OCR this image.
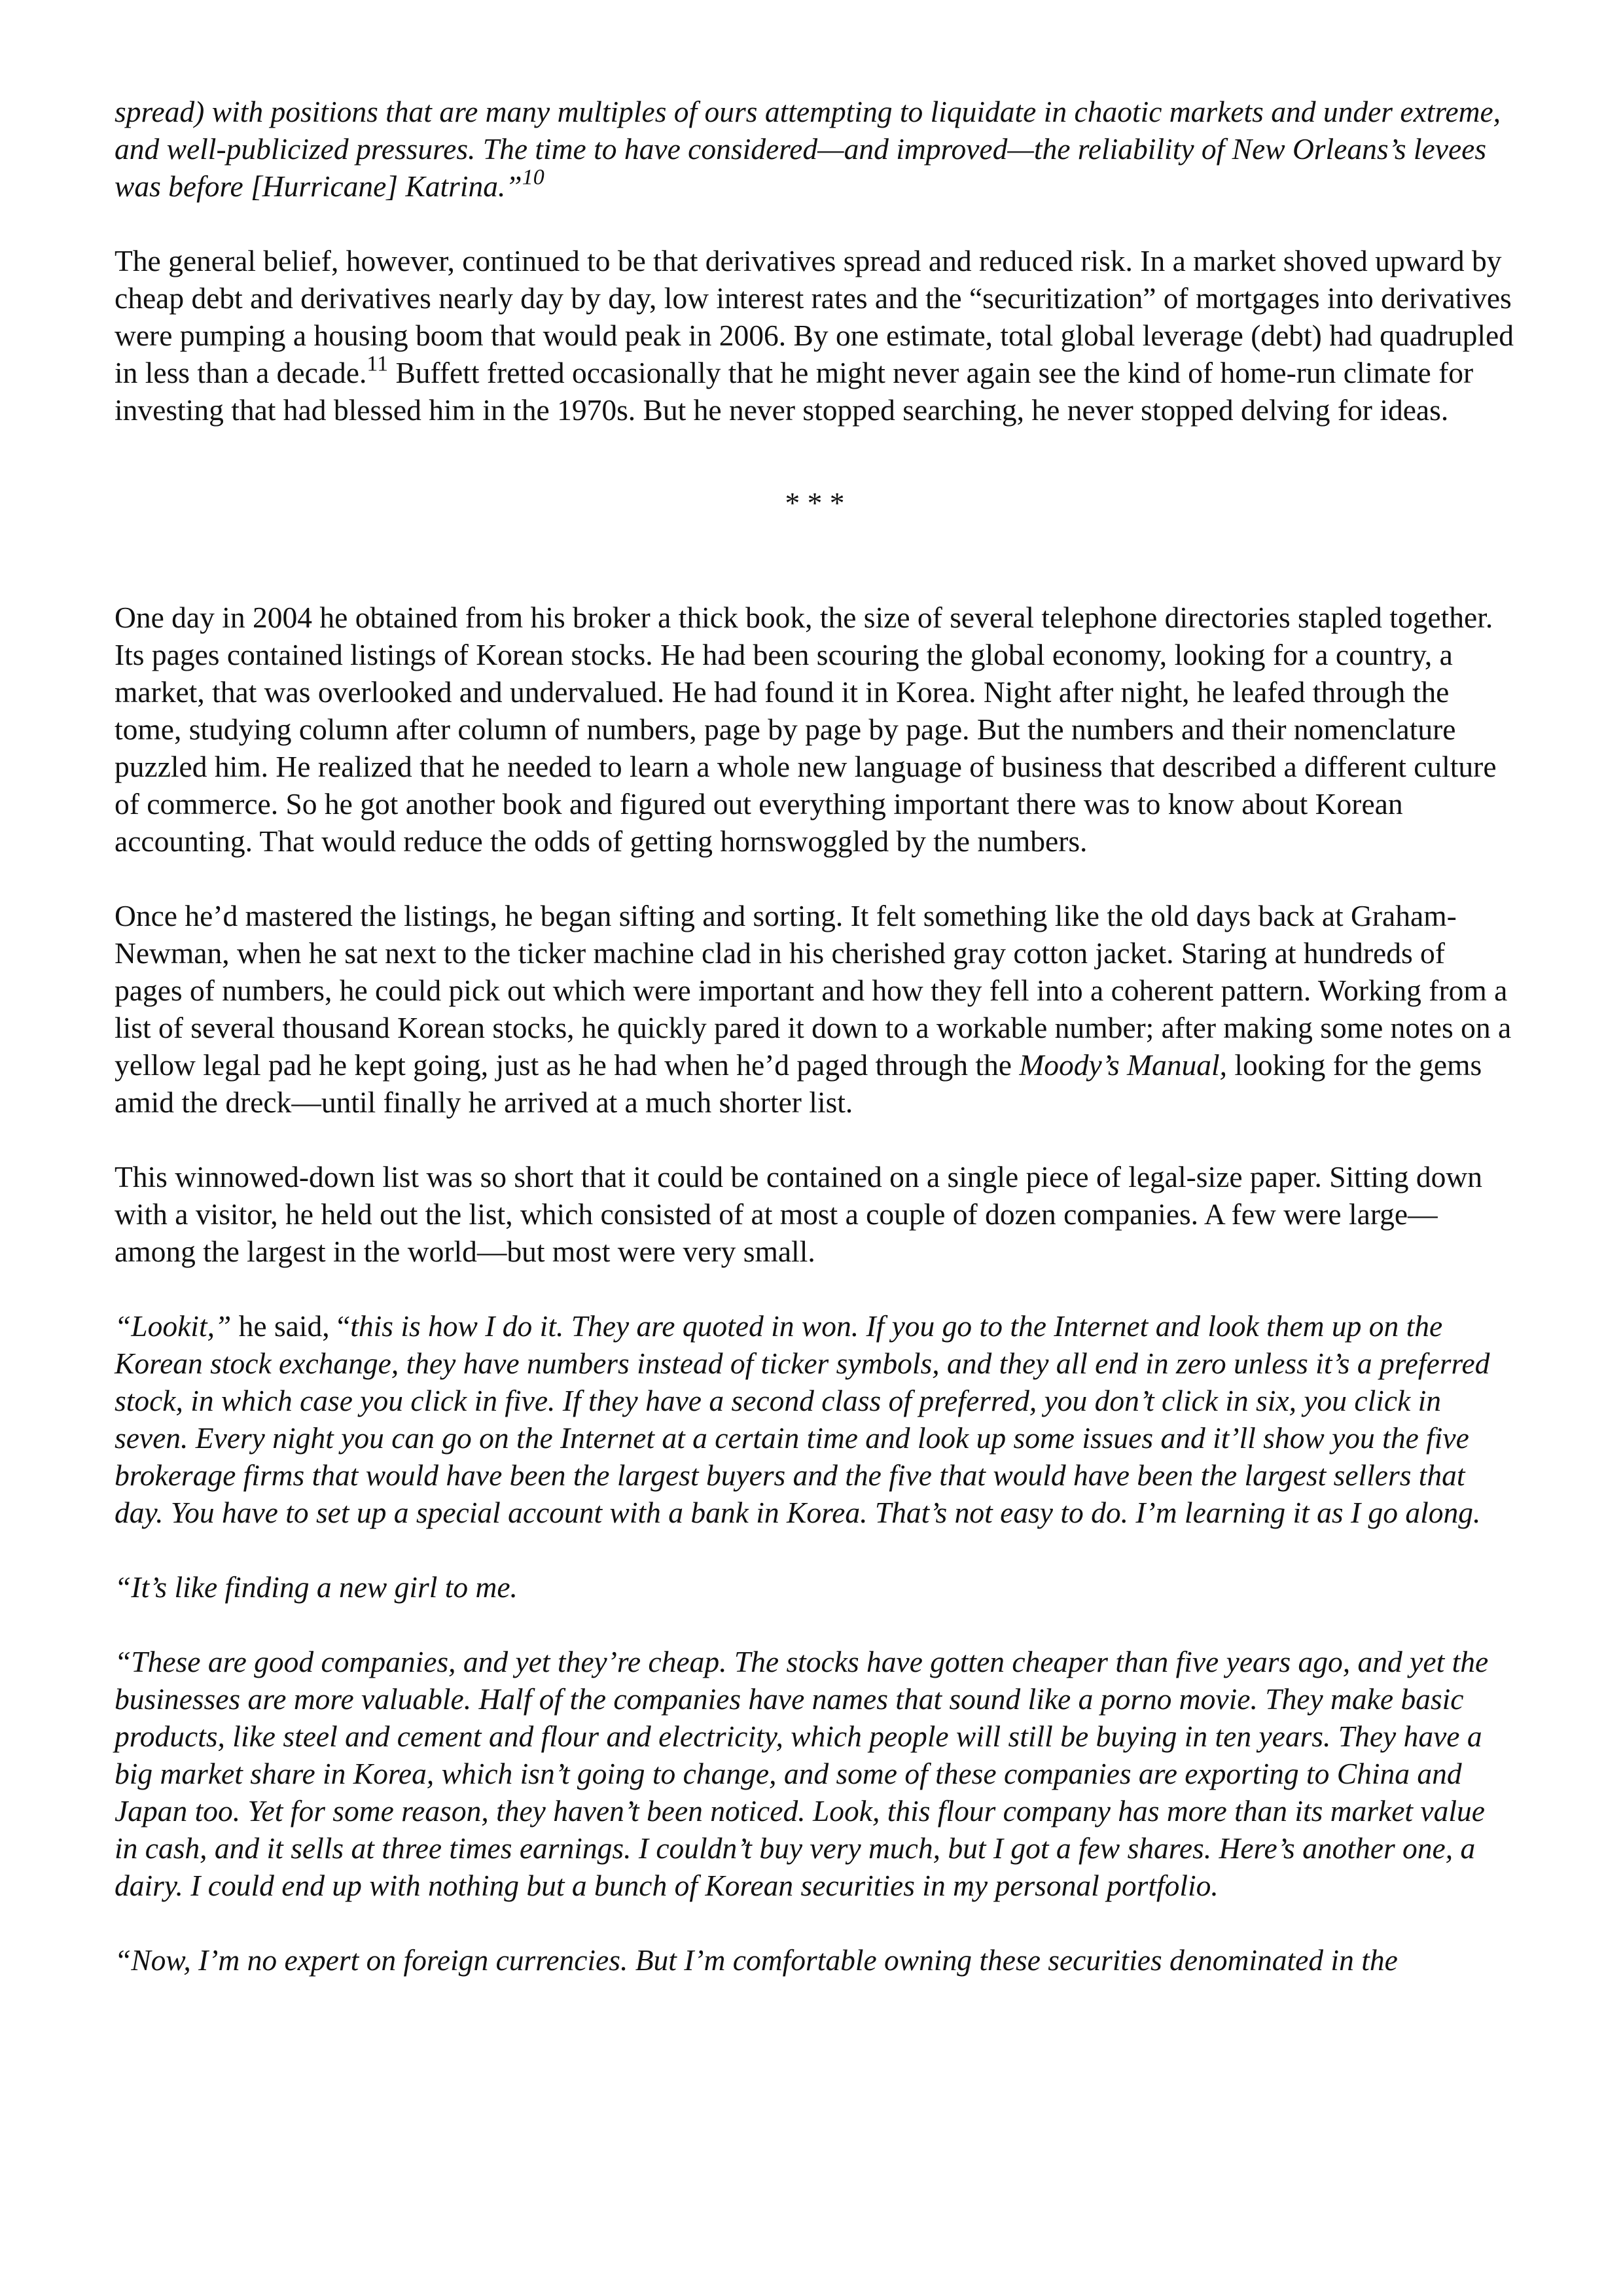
spread) with positions that are many multiples of ours attempting to liquidate in chaotic markets and under extreme, and well-publicized pressures. The time to have considered—and improved—the reliability of New Orleans’s levees was before [Hurricane] Katrina.”$^{10}$

The general belief, however, continued to be that derivatives spread and reduced risk. In a market shoved upward by cheap debt and derivatives nearly day by day, low interest rates and the “securitization” of mortgages into derivatives were pumping a housing boom that would peak in 2006. By one estimate, total global leverage (debt) had quadrupled in less than a decade.$^{11}$ Buffett fretted occasionally that he might never again see the kind of home-run climate for investing that had blessed him in the 1970s. But he never stopped searching, he never stopped delving for ideas.

* * *

One day in 2004 he obtained from his broker a thick book, the size of several telephone directories stapled together. Its pages contained listings of Korean stocks. He had been scouring the global economy, looking for a country, a market, that was overlooked and undervalued. He had found it in Korea. Night after night, he leafed through the tome, studying column after column of numbers, page by page by page. But the numbers and their nomenclature puzzled him. He realized that he needed to learn a whole new language of business that described a different culture of commerce. So he got another book and figured out everything important there was to know about Korean accounting. That would reduce the odds of getting hornswoggled by the numbers.

Once he’d mastered the listings, he began sifting and sorting. It felt something like the old days back at Graham-Newman, when he sat next to the ticker machine clad in his cherished gray cotton jacket. Staring at hundreds of pages of numbers, he could pick out which were important and how they fell into a coherent pattern. Working from a list of several thousand Korean stocks, he quickly pared it down to a workable number; after making some notes on a yellow legal pad he kept going, just as he had when he’d paged through the Moody’s Manual, looking for the gems amid the dreck—until finally he arrived at a much shorter list.

This winnowed-down list was so short that it could be contained on a single piece of legal-size paper. Sitting down with a visitor, he held out the list, which consisted of at most a couple of dozen companies. A few were large—among the largest in the world—but most were very small.

“Lookit,” he said, “this is how I do it. They are quoted in won. If you go to the Internet and look them up on the Korean stock exchange, they have numbers instead of ticker symbols, and they all end in zero unless it’s a preferred stock, in which case you click in five. If they have a second class of preferred, you don’t click in six, you click in seven. Every night you can go on the Internet at a certain time and look up some issues and it’ll show you the five brokerage firms that would have been the largest buyers and the five that would have been the largest sellers that day. You have to set up a special account with a bank in Korea. That’s not easy to do. I’m learning it as I go along.

“It’s like finding a new girl to me.

“These are good companies, and yet they’re cheap. The stocks have gotten cheaper than five years ago, and yet the businesses are more valuable. Half of the companies have names that sound like a porno movie. They make basic products, like steel and cement and flour and electricity, which people will still be buying in ten years. They have a big market share in Korea, which isn’t going to change, and some of these companies are exporting to China and Japan too. Yet for some reason, they haven’t been noticed. Look, this flour company has more than its market value in cash, and it sells at three times earnings. I couldn’t buy very much, but I got a few shares. Here’s another one, a dairy. I could end up with nothing but a bunch of Korean securities in my personal portfolio.

“Now, I’m no expert on foreign currencies. But I’m comfortable owning these securities denominated in the
